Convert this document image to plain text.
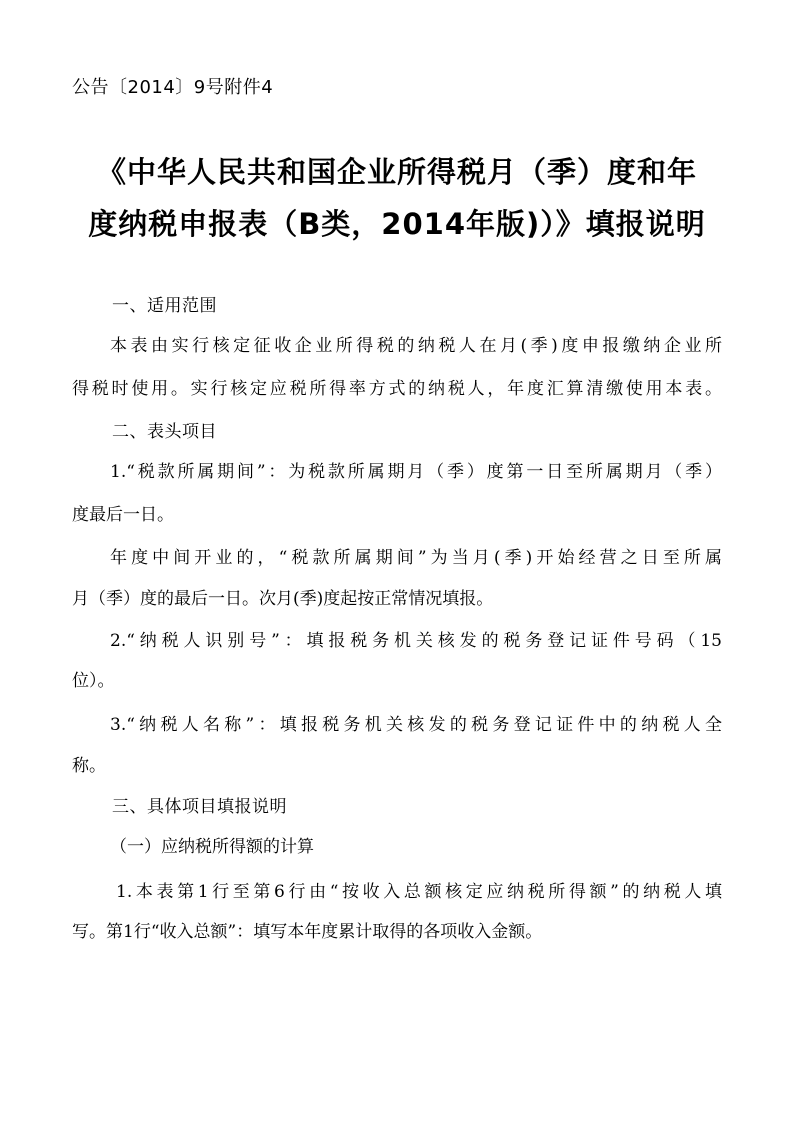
公告〔2014〕9号附件4
《中华人民共和国企业所得税月（季）度和年
度纳税申报表（B类，2014年版)）》填报说明
一、适用范围
本表由实行核定征收企业所得税的纳税人在月(季)度申报缴纳企业所
得税时使用。实行核定应税所得率方式的纳税人，年度汇算清缴使用本表。
二、表头项目
1.“税款所属期间”：为税款所属期月（季）度第一日至所属期月（季）
度最后一日。
年度中间开业的，“税款所属期间”为当月(季)开始经营之日至所属
月（季）度的最后一日。次月(季)度起按正常情况填报。
2.“纳税人识别号”：填报税务机关核发的税务登记证件号码（15
位）。
3.“纳税人名称”：填报税务机关核发的税务登记证件中的纳税人全
称。
三、具体项目填报说明
（一）应纳税所得额的计算
1.本表第1行至第6行由“按收入总额核定应纳税所得额”的纳税人填
写。第1行“收入总额”：填写本年度累计取得的各项收入金额。
